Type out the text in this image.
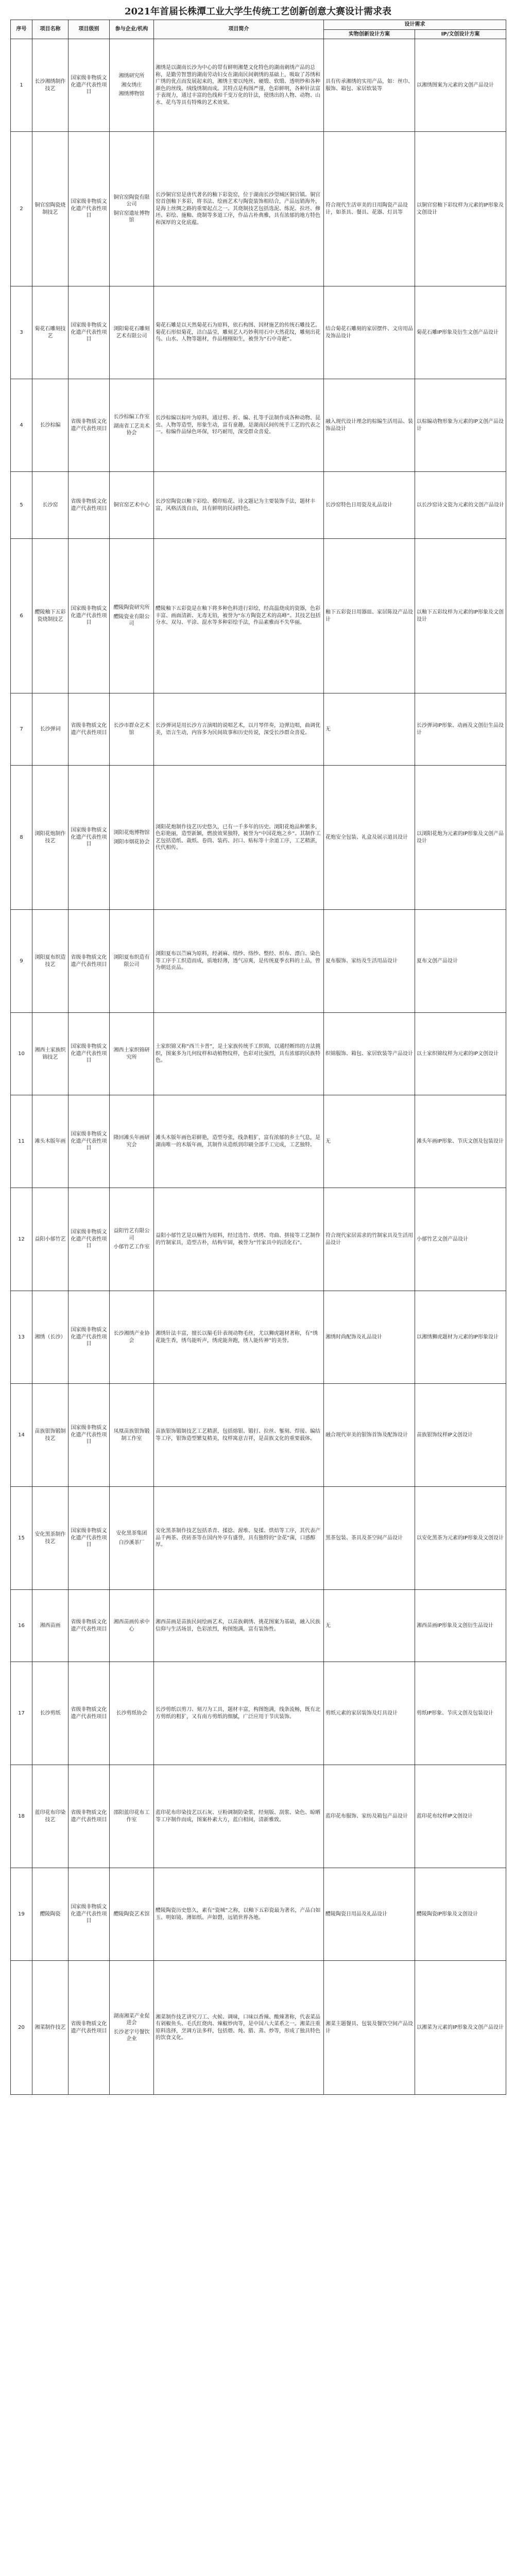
2021年首届长株潭工业大学生传统工艺创新创意大赛设计需求表
序号	项目名称	项目级别	参与企业/机构	项目简介	设计需求	
					实物创新设计方案	IP/文创设计方案
1	长沙湘绣制作技艺	国家级非物质文化遗产代表性项目	湘绣研究所
湘女绣庄
湘绣博物馆	湘绣是以湖南长沙为中心的带有鲜明湘楚文化特色的湖南刺绣产品的总称，是勤劳智慧的湖南劳动妇女在湖南民间刺绣的基础上，吸取了苏绣和广绣的优点而发展起来的，湘绣主要以纯丝、硬缎、软缎、透明纱和各种颜色的丝线、绒线绣制而成。其特点是构图严谨，色彩鲜明，各种针法富于表现力，通过丰富的色线和千变万化的针法，使绣出的人物、动物、山水、花鸟等具有特殊的艺术效果。	具有传承湘绣的实用产品，如：丝巾、服饰、箱包、家居软装等	以湘绣图案为元素的文创产品设计
2	铜官窑陶瓷烧制技艺	国家级非物质文化遗产代表性项目	铜官窑陶瓷有限公司
铜官窑遗址博物馆	长沙铜官窑是唐代著名的釉下彩瓷窑，位于湖南长沙望城区铜官镇。铜官窑首创釉下多彩，将书法、绘画艺术与陶瓷装饰相结合，产品远销海外，是海上丝绸之路的重要起点之一。其烧制技艺包括选泥、练泥、拉坯、修坯、彩绘、施釉、烧制等多道工序，作品古朴典雅，具有浓郁的地方特色和深厚的文化底蕴。	符合现代生活审美的日用陶瓷产品设计，如茶具、餐具、花器、灯具等	以铜官窑釉下彩纹样为元素的IP形象及文创设计
3	菊花石雕刻技艺	国家级非物质文化遗产代表性项目	浏阳菊花石雕刻艺术有限公司	菊花石雕是以天然菊花石为原料，依石构图、因材施艺的传统石雕技艺。菊花石形似菊花，洁白晶莹，雕刻艺人巧妙利用石中天然花纹，雕刻出花鸟、山水、人物等题材，作品栩栩如生，被誉为“石中奇葩”。	结合菊花石雕刻的家居摆件、文房用品及饰品设计	菊花石雕IP形象及衍生文创产品设计
4	长沙棕编	省级非物质文化遗产代表性项目	长沙棕编工作室
湖南省工艺美术协会	长沙棕编以棕叶为原料，通过剪、折、编、扎等手法制作成各种动物、昆虫、人物等造型，形象生动，富有童趣，是湖南民间传统手工艺的代表之一。棕编作品绿色环保，轻巧耐用，深受群众喜爱。	融入现代设计理念的棕编生活用品、装饰品设计	以棕编动物形象为元素的IP文创产品设计
5	长沙窑	省级非物质文化遗产代表性项目	铜官窑艺术中心	长沙窑陶瓷以釉下彩绘、模印贴花、诗文题记为主要装饰手法，题材丰富，风格活泼自由，具有鲜明的民间特色。	长沙窑特色日用瓷及礼品设计	以长沙窑诗文瓷为元素的文创产品设计
6	醴陵釉下五彩瓷烧制技艺	国家级非物质文化遗产代表性项目	醴陵陶瓷研究所
醴陵瓷业有限公司	醴陵釉下五彩瓷是在釉下将多种色料进行彩绘，经高温烧成的瓷器，色彩丰富、画面清新、无毒无铅，被誉为“东方陶瓷艺术的高峰”。其技艺包括分水、双勾、平涂、混水等多种彩绘手法，作品素雅而不失华丽。	釉下五彩瓷日用器皿、家居陈设产品设计	以釉下五彩纹样为元素的IP形象及文创设计
7	长沙弹词	省级非物质文化遗产代表性项目	长沙市群众艺术馆	长沙弹词是用长沙方言演唱的说唱艺术，以月琴伴奏，边弹边唱，曲调优美，语言生动，内容多为民间故事和历史传说，深受长沙群众喜爱。	无	长沙弹词IP形象、动画及文创衍生品设计
8	浏阳花炮制作技艺	国家级非物质文化遗产代表性项目	浏阳花炮博物馆
浏阳市烟花协会	浏阳花炮制作技艺历史悠久，已有一千多年的历史。浏阳花炮品种繁多，色彩艳丽，造型新颖，燃放效果独特，被誉为“中国花炮之乡”。其制作工艺包括造纸、裁纸、卷筒、装药、封口、贴标等十余道工序，工艺精湛，代代相传。	花炮安全包装、礼盒及展示道具设计	以浏阳花炮为元素的IP形象及文创产品设计
9	浏阳夏布织造技艺	省级非物质文化遗产代表性项目	浏阳夏布织造有限公司	浏阳夏布以苎麻为原料，经剥麻、绩纱、络纱、整经、织布、漂白、染色等工序手工织造而成，质地轻薄，透气凉爽，是传统夏季衣料的上品，曾为朝廷贡品。	夏布服饰、家纺及生活用品设计	夏布文创产品设计
10	湘西土家族织锦技艺	国家级非物质文化遗产代表性项目	湘西土家织锦研究所	土家织锦又称“西兰卡普”，是土家族传统手工织锦，以通经断纬的方法挑织，图案多为几何纹样和动植物纹样，色彩对比强烈，具有浓郁的民族特色。	织锦服饰、箱包、家居软装等产品设计	以土家织锦纹样为元素的IP文创设计
11	滩头木版年画	国家级非物质文化遗产代表性项目	隆回滩头年画研究会	滩头木版年画色彩鲜艳，造型夸张，线条粗犷，富有浓郁的乡土气息，是湖南唯一的木版年画，其制作从造纸到印刷全部手工完成，工艺独特。	无	滩头年画IP形象、节庆文创及包装设计
12	益阳小郁竹艺	国家级非物质文化遗产代表性项目	益阳竹艺有限公司
小郁竹艺工作室	益阳小郁竹艺是以楠竹为原料，经过选竹、烘烤、弯曲、拼接等工艺制作的竹制家具，造型古朴，结构牢固，被誉为“竹家具中的活化石”。	符合现代家居需求的竹制家具及生活用品设计	小郁竹艺文创产品设计
13	湘绣（长沙）	国家级非物质文化遗产代表性项目	长沙湘绣产业协会	湘绣针法丰富，擅长以鬅毛针表现动物毛丝，尤以狮虎题材著称，有“绣花能生香，绣鸟能听声，绣虎能奔跑，绣人能传神”的美誉。	湘绣时尚配饰及礼品设计	以湘绣狮虎题材为元素的IP形象设计
14	苗族银饰锻制技艺	国家级非物质文化遗产代表性项目	凤凰苗族银饰锻制工作室	苗族银饰锻制技艺工艺精湛，包括熔银、锻打、拉丝、錾刻、焊接、编结等工序，银饰造型繁复精美，纹样寓意吉祥，是苗族文化的重要载体。	融合现代审美的银饰首饰及配饰设计	苗族银饰纹样IP文创设计
15	安化黑茶制作技艺	国家级非物质文化遗产代表性项目	安化黑茶集团
白沙溪茶厂	安化黑茶制作技艺包括杀青、揉捻、渥堆、复揉、烘焙等工序，其代表产品千两茶、茯砖茶等在国内外享有盛誉，具有独特的“金花”菌，口感醇厚。	黑茶包装、茶具及茶空间产品设计	以安化黑茶为元素的IP形象及文创设计
16	湘西苗画	省级非物质文化遗产代表性项目	湘西苗画传承中心	湘西苗画是苗族民间绘画艺术，以苗族刺绣、挑花图案为基础，融入民族信仰与生活场景，色彩浓烈，构图饱满，富有装饰性。	无	湘西苗画IP形象及文创衍生品设计
17	长沙剪纸	省级非物质文化遗产代表性项目	长沙剪纸协会	长沙剪纸以剪刀、刻刀为工具，题材丰富，构图饱满，线条流畅，既有北方剪纸的粗犷，又有南方剪纸的细腻，广泛应用于节庆装饰。	剪纸元素的家居装饰及灯具设计	剪纸IP形象、节庆文创及包装设计
18	蓝印花布印染技艺	省级非物质文化遗产代表性项目	邵阳蓝印花布工作室	蓝印花布印染技艺以石灰、豆粉调制防染浆，经刻版、刮浆、染色、晾晒等工序制作而成，图案朴素大方，蓝白相间，清新雅致。	蓝印花布服饰、家纺及箱包产品设计	蓝印花布纹样IP文创设计
19	醴陵陶瓷	国家级非物质文化遗产代表性项目	醴陵陶瓷艺术馆	醴陵陶瓷历史悠久，素有“瓷城”之称，以釉下五彩瓷最为著名，产品白如玉、明如镜、薄如纸、声如磬，远销世界各地。	醴陵陶瓷日用品及礼品设计	醴陵陶瓷IP形象及文创设计
20	湘菜制作技艺	省级非物质文化遗产代表性项目	湖南湘菜产业促进会
长沙老字号餐饮企业	湘菜制作技艺讲究刀工、火候、调味，口味以香辣、酸辣著称，代表菜品有剁椒鱼头、毛氏红烧肉、辣椒炒肉等，是中国八大菜系之一。湘菜注重原料选择，烹调方法多样，包括煨、炖、腊、蒸、炒等，形成了独具特色的饮食文化。	湘菜主题餐具、包装及餐饮空间产品设计	以湘菜为元素的IP形象及文创产品设计
